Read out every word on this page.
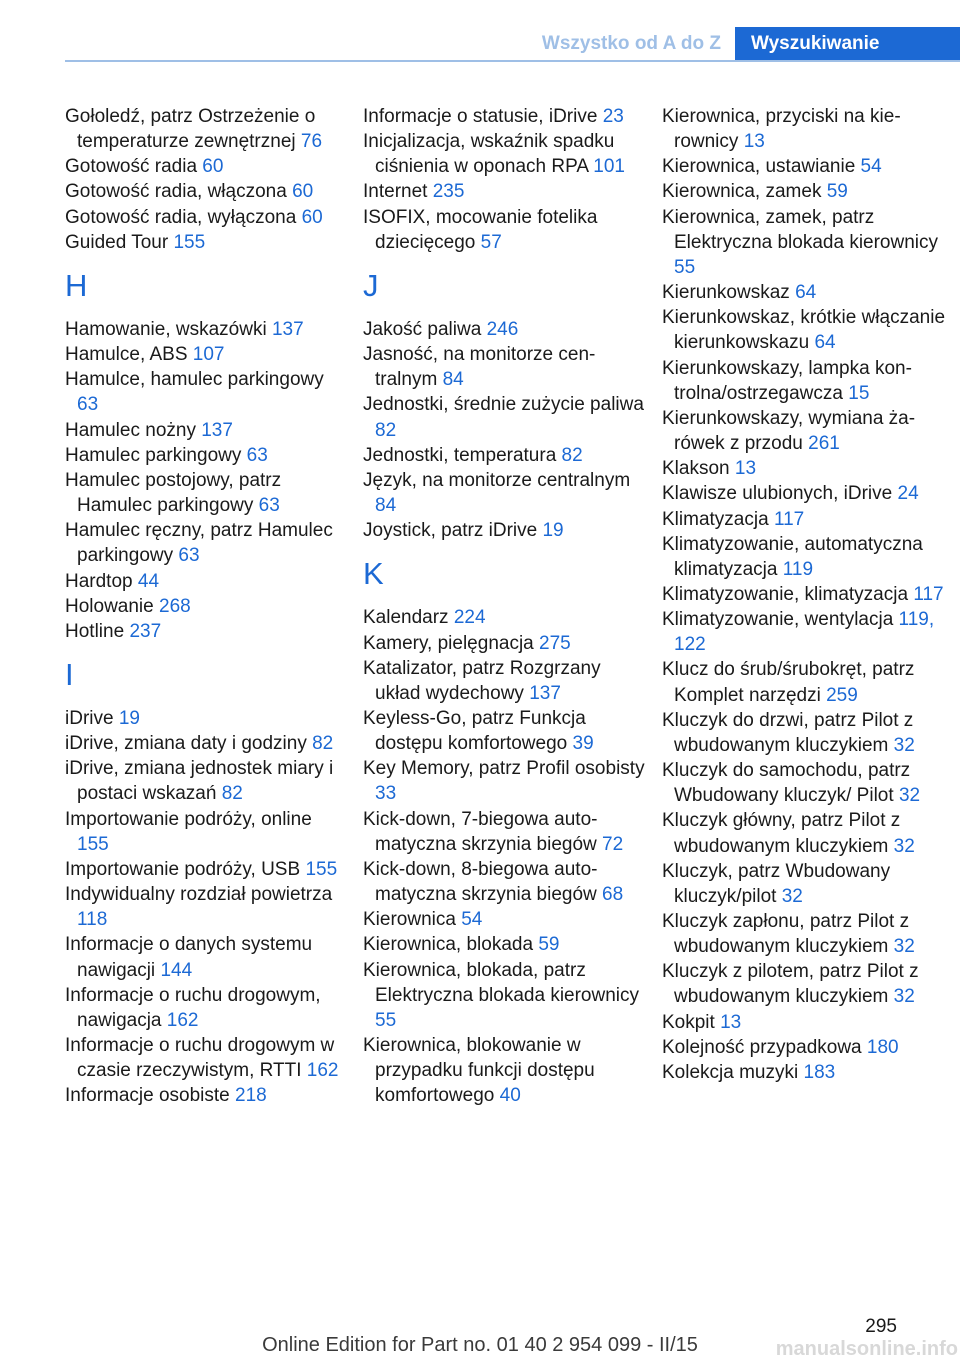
Wszystko od A do Z	Wyszukiwanie
Gołoledź, patrz Ostrzeżenie o temperaturze zewnętrznej 76
Gotowość radia 60
Gotowość radia, włączona 60
Gotowość radia, wyłączona 60
Guided Tour 155
H
Hamowanie, wskazówki 137
Hamulce, ABS 107
Hamulce, hamulec parkingowy 63
Hamulec nożny 137
Hamulec parkingowy 63
Hamulec postojowy, patrz Hamulec parkingowy 63
Hamulec ręczny, patrz Hamulec parkingowy 63
Hardtop 44
Holowanie 268
Hotline 237
I
iDrive 19
iDrive, zmiana daty i godziny 82
iDrive, zmiana jednostek miary i postaci wskazań 82
Importowanie podróży, online 155
Importowanie podróży, USB 155
Indywidualny rozdział powietrza 118
Informacje o danych systemu nawigacji 144
Informacje o ruchu drogowym, nawigacja 162
Informacje o ruchu drogowym w czasie rzeczywistym, RTTI 162
Informacje osobiste 218
Informacje o statusie, iDrive 23
Inicjalizacja, wskaźnik spadku ciśnienia w oponach RPA 101
Internet 235
ISOFIX, mocowanie fotelika dziecięcego 57
J
Jakość paliwa 246
Jasność, na monitorze centralnym 84
Jednostki, średnie zużycie paliwa 82
Jednostki, temperatura 82
Język, na monitorze centralnym 84
Joystick, patrz iDrive 19
K
Kalendarz 224
Kamery, pielęgnacja 275
Katalizator, patrz Rozgrzany układ wydechowy 137
Keyless-Go, patrz Funkcja dostępu komfortowego 39
Key Memory, patrz Profil osobisty 33
Kick-down, 7-biegowa automatyczna skrzynia biegów 72
Kick-down, 8-biegowa automatyczna skrzynia biegów 68
Kierownica 54
Kierownica, blokada 59
Kierownica, blokada, patrz Elektryczna blokada kierownicy 55
Kierownica, blokowanie w przypadku funkcji dostępu komfortowego 40
Kierownica, przyciski na kierownicy 13
Kierownica, ustawianie 54
Kierownica, zamek 59
Kierownica, zamek, patrz Elektryczna blokada kierownicy 55
Kierunkowskaz 64
Kierunkowskaz, krótkie włączanie kierunkowskazu 64
Kierunkowskazy, lampka kontrolna/ostrzegawcza 15
Kierunkowskazy, wymiana żarówek z przodu 261
Klakson 13
Klawisze ulubionych, iDrive 24
Klimatyzacja 117
Klimatyzowanie, automatyczna klimatyzacja 119
Klimatyzowanie, klimatyzacja 117
Klimatyzowanie, wentylacja 119, 122
Klucz do śrub/śrubokręt, patrz Komplet narzędzi 259
Kluczyk do drzwi, patrz Pilot z wbudowanym kluczykiem 32
Kluczyk do samochodu, patrz Wbudowany kluczyk/ Pilot 32
Kluczyk główny, patrz Pilot z wbudowanym kluczykiem 32
Kluczyk, patrz Wbudowany kluczyk/pilot 32
Kluczyk zapłonu, patrz Pilot z wbudowanym kluczykiem 32
Kluczyk z pilotem, patrz Pilot z wbudowanym kluczykiem 32
Kokpit 13
Kolejność przypadkowa 180
Kolekcja muzyki 183
295
Online Edition for Part no. 01 40 2 954 099 - II/15	manualsonline.info
